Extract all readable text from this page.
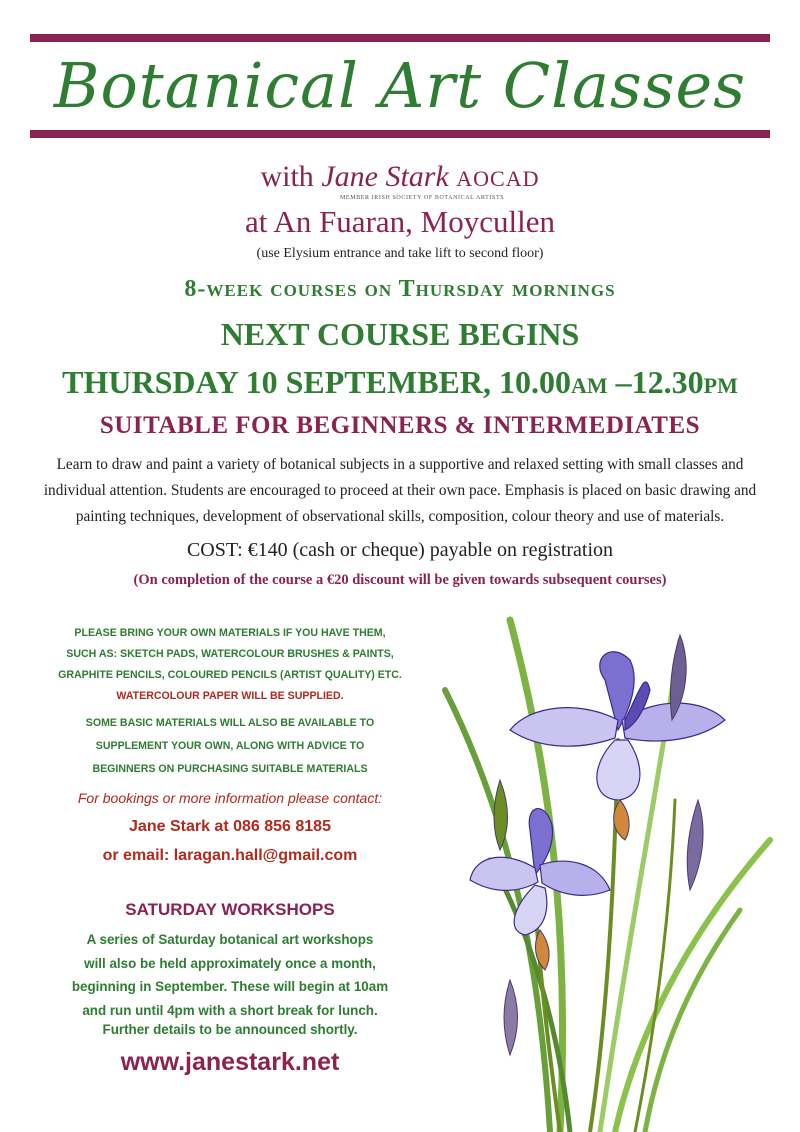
Botanical Art Classes
with Jane Stark AOCAD
MEMBER IRISH SOCIETY OF BOTANICAL ARTISTS
at An Fuaran, Moycullen
(use Elysium entrance and take lift to second floor)
8-week courses on Thursday mornings
NEXT COURSE BEGINS
THURSDAY 10 SEPTEMBER, 10.00AM –12.30PM
SUITABLE FOR BEGINNERS & INTERMEDIATES
Learn to draw and paint a variety of botanical subjects in a supportive and relaxed setting with small classes and individual attention. Students are encouraged to proceed at their own pace. Emphasis is placed on basic drawing and painting techniques, development of observational skills, composition, colour theory and use of materials.
COST: €140 (cash or cheque) payable on registration
(On completion of the course a €20 discount will be given towards subsequent courses)
PLEASE BRING YOUR OWN MATERIALS IF YOU HAVE THEM,
SUCH AS: SKETCH PADS, WATERCOLOUR BRUSHES & PAINTS,
GRAPHITE PENCILS, COLOURED PENCILS (ARTIST QUALITY) ETC.
WATERCOLOUR PAPER WILL BE SUPPLIED.
SOME BASIC MATERIALS WILL ALSO BE AVAILABLE TO
SUPPLEMENT YOUR OWN, ALONG WITH ADVICE TO
BEGINNERS ON PURCHASING SUITABLE MATERIALS
For bookings or more information please contact:
Jane Stark at 086 856 8185
or email: laragan.hall@gmail.com
SATURDAY WORKSHOPS
A series of Saturday botanical art workshops
will also be held approximately once a month,
beginning in September. These will begin at 10am
and run until 4pm with a short break for lunch.
Further details to be announced shortly.
www.janestark.net
